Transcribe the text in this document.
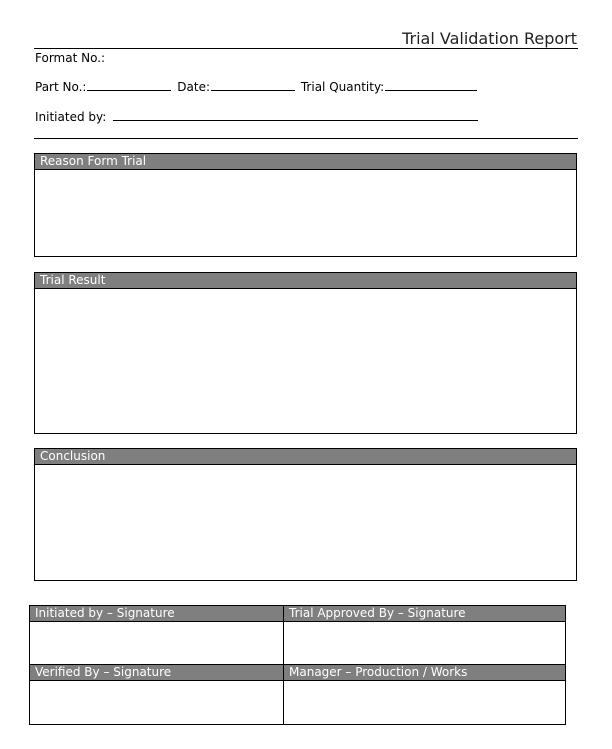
Trial Validation Report
Format No.:
Part No.:	Date:	Trial Quantity:
Initiated by:
Reason Form Trial
Trial Result
Conclusion
Initiated by – Signature	Trial Approved By – Signature
Verified By – Signature	Manager – Production / Works
